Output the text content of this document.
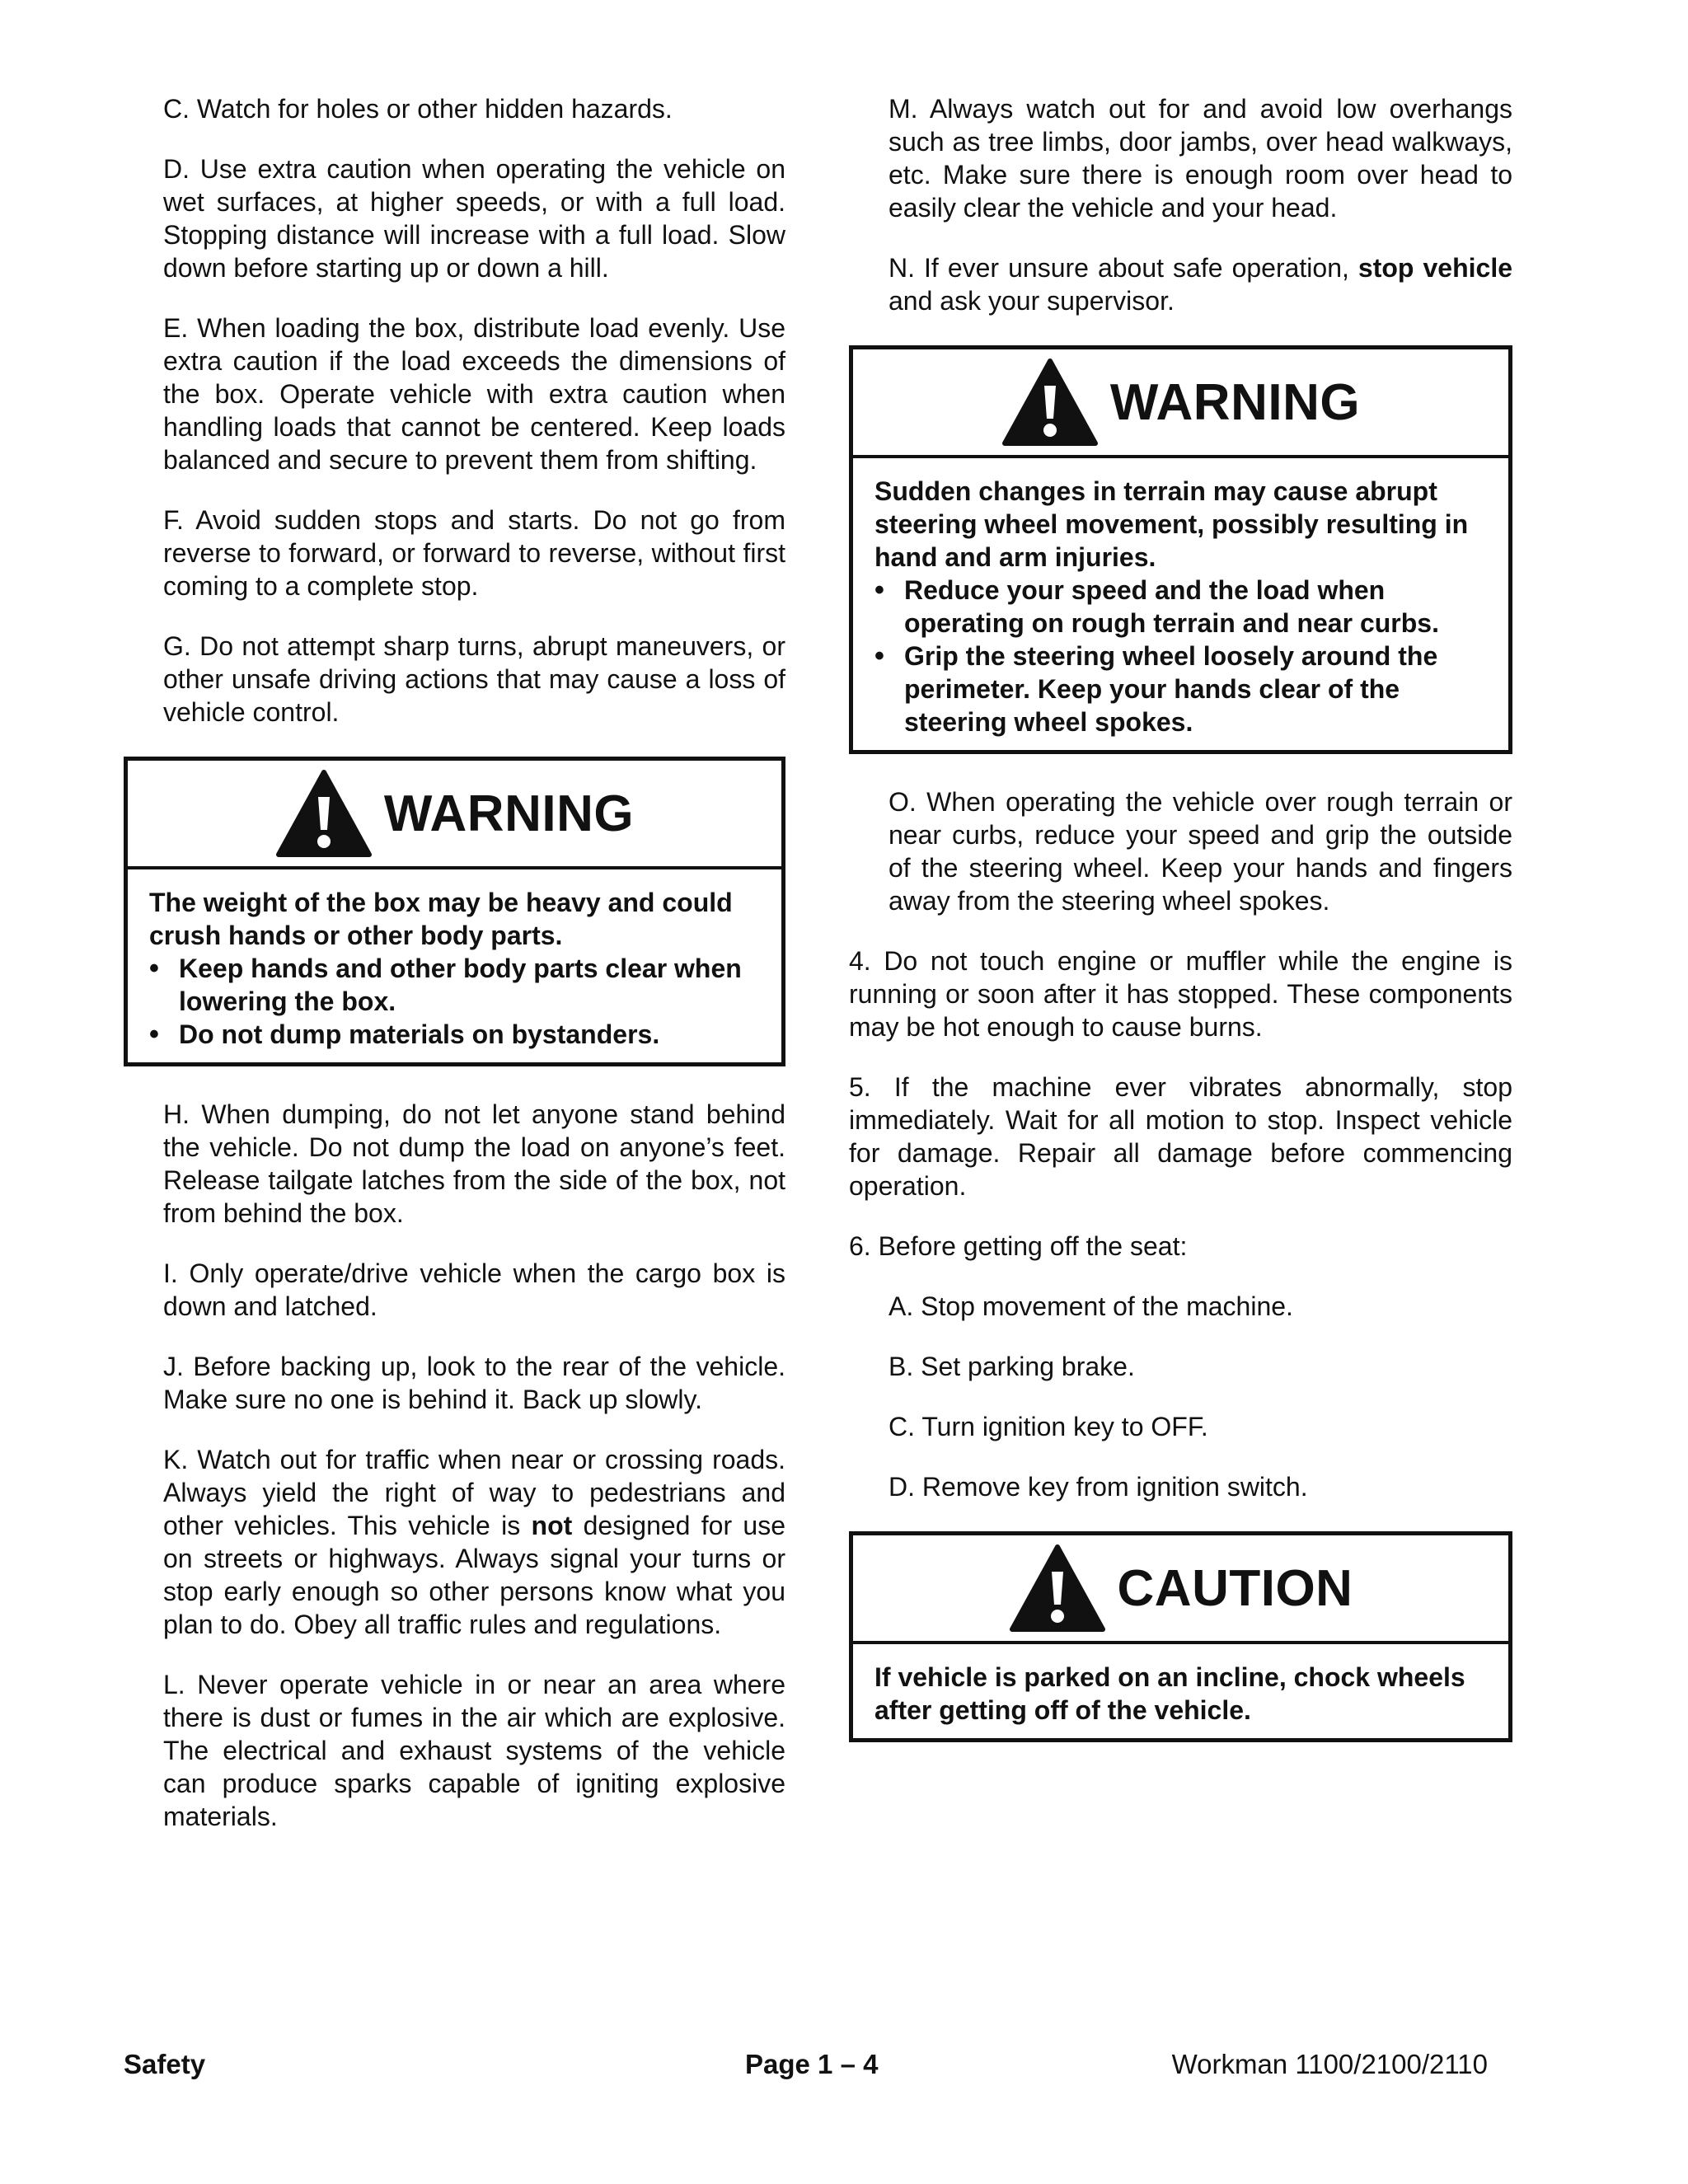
C. Watch for holes or other hidden hazards.

D. Use extra caution when operating the vehicle on wet surfaces, at higher speeds, or with a full load. Stopping distance will increase with a full load. Slow down before starting up or down a hill.

E. When loading the box, distribute load evenly. Use extra caution if the load exceeds the dimensions of the box. Operate vehicle with extra caution when handling loads that cannot be centered. Keep loads balanced and secure to prevent them from shifting.

F. Avoid sudden stops and starts. Do not go from reverse to forward, or forward to reverse, without first coming to a complete stop.

G. Do not attempt sharp turns, abrupt maneuvers, or other unsafe driving actions that may cause a loss of vehicle control.

WARNING
The weight of the box may be heavy and could crush hands or other body parts.
•
Keep hands and other body parts clear when lowering the box.
•
Do not dump materials on bystanders.

H. When dumping, do not let anyone stand behind the vehicle. Do not dump the load on anyone’s feet. Release tailgate latches from the side of the box, not from behind the box.

I. Only operate/drive vehicle when the cargo box is down and latched.

J. Before backing up, look to the rear of the vehicle. Make sure no one is behind it. Back up slowly.

K. Watch out for traffic when near or crossing roads. Always yield the right of way to pedestrians and other vehicles. This vehicle is not designed for use on streets or highways. Always signal your turns or stop early enough so other persons know what you plan to do. Obey all traffic rules and regulations.

L. Never operate vehicle in or near an area where there is dust or fumes in the air which are explosive. The electrical and exhaust systems of the vehicle can produce sparks capable of igniting explosive materials.

M. Always watch out for and avoid low overhangs such as tree limbs, door jambs, over head walkways, etc. Make sure there is enough room over head to easily clear the vehicle and your head.

N. If ever unsure about safe operation, stop vehicle and ask your supervisor.

WARNING
Sudden changes in terrain may cause abrupt steering wheel movement, possibly resulting in hand and arm injuries.
•
Reduce your speed and the load when operating on rough terrain and near curbs.
•
Grip the steering wheel loosely around the perimeter. Keep your hands clear of the steering wheel spokes.

O. When operating the vehicle over rough terrain or near curbs, reduce your speed and grip the outside of the steering wheel. Keep your hands and fingers away from the steering wheel spokes.

4. Do not touch engine or muffler while the engine is running or soon after it has stopped. These components may be hot enough to cause burns.

5. If the machine ever vibrates abnormally, stop immediately. Wait for all motion to stop. Inspect vehicle for damage. Repair all damage before commencing operation.

6. Before getting off the seat:

A. Stop movement of the machine.

B. Set parking brake.

C. Turn ignition key to OFF.

D. Remove key from ignition switch.

CAUTION
If vehicle is parked on an incline, chock wheels after getting off of the vehicle.
Safety	Page 1 – 4	Workman 1100/2100/2110
